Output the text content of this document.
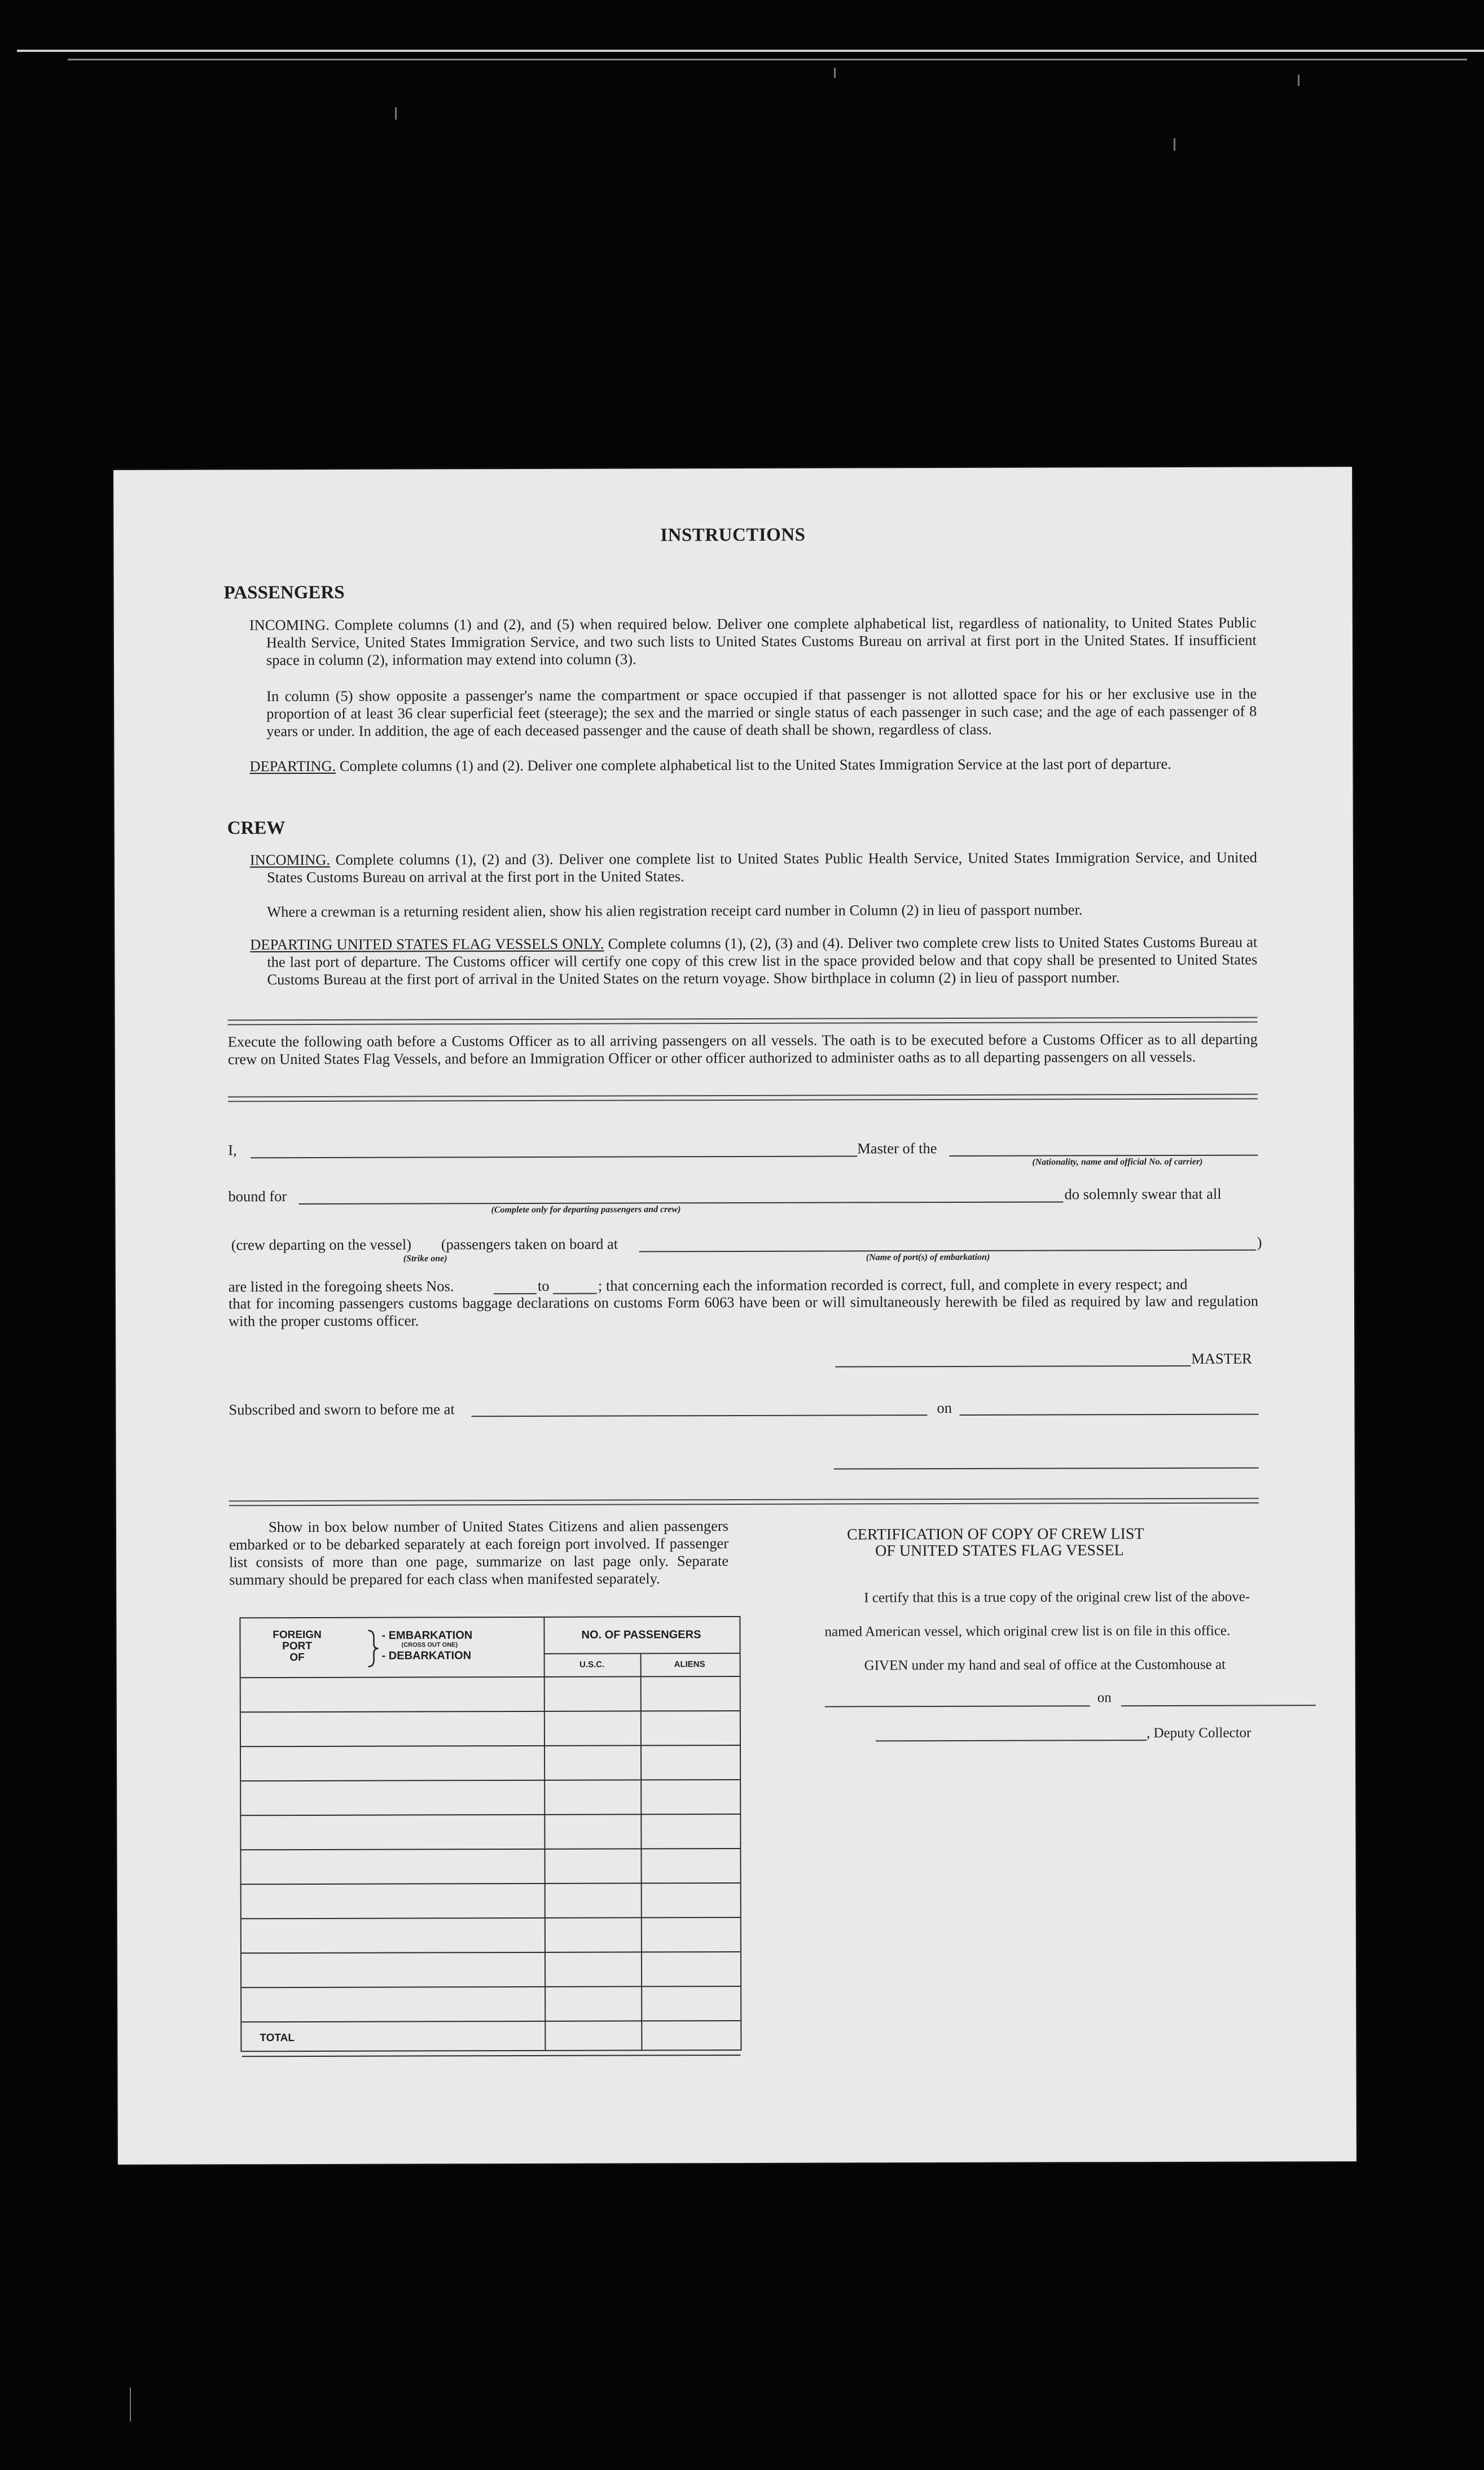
INSTRUCTIONS
PASSENGERS
INCOMING. Complete columns (1) and (2), and (5) when required below. Deliver one complete alphabetical list, regardless of nationality, to United States Public Health Service, United States Immigration Service, and two such lists to United States Customs Bureau on arrival at first port in the United States. If insufficient space in column (2), information may extend into column (3).
In column (5) show opposite a passenger's name the compartment or space occupied if that passenger is not allotted space for his or her exclusive use in the proportion of at least 36 clear superficial feet (steerage); the sex and the married or single status of each passenger in such case; and the age of each passenger of 8 years or under. In addition, the age of each deceased passenger and the cause of death shall be shown, regardless of class.
DEPARTING. Complete columns (1) and (2). Deliver one complete alphabetical list to the United States Immigration Service at the last port of departure.
CREW
INCOMING. Complete columns (1), (2) and (3). Deliver one complete list to United States Public Health Service, United States Immigration Service, and United States Customs Bureau on arrival at the first port in the United States.
Where a crewman is a returning resident alien, show his alien registration receipt card number in Column (2) in lieu of passport number.
DEPARTING UNITED STATES FLAG VESSELS ONLY. Complete columns (1), (2), (3) and (4). Deliver two complete crew lists to United States Customs Bureau at the last port of departure. The Customs officer will certify one copy of this crew list in the space provided below and that copy shall be presented to United States Customs Bureau at the first port of arrival in the United States on the return voyage. Show birthplace in column (2) in lieu of passport number.
Execute the following oath before a Customs Officer as to all arriving passengers on all vessels. The oath is to be executed before a Customs Officer as to all departing crew on United States Flag Vessels, and before an Immigration Officer or other officer authorized to administer oaths as to all departing passengers on all vessels.
I,	Master of the
(Nationality, name and official No. of carrier)
bound for
(Complete only for departing passengers and crew)
do solemnly swear that all
(crew departing on the vessel) (passengers taken on board at
(Strike one)
)
(Name of port(s) of embarkation)
are listed in the foregoing sheets Nos.	to	; that concerning each the information recorded is correct, full, and complete in every respect; and
that for incoming passengers customs baggage declarations on customs Form 6063 have been or will simultaneously herewith be filed as required by law and regulation with the proper customs officer.
MASTER
Subscribed and sworn to before me at	on
Show in box below number of United States Citizens and alien passengers embarked or to be debarked separately at each foreign port involved. If passenger list consists of more than one page, summarize on last page only. Separate summary should be prepared for each class when manifested separately.
FOREIGN
PORT
OF
- EMBARKATION
(CROSS OUT ONE)
- DEBARKATION
NO. OF PASSENGERS
U.S.C.	ALIENS
TOTAL
CERTIFICATION OF COPY OF CREW LIST
OF UNITED STATES FLAG VESSEL
I certify that this is a true copy of the original crew list of the above-
named American vessel, which original crew list is on file in this office.
GIVEN under my hand and seal of office at the Customhouse at
on
, Deputy Collector
